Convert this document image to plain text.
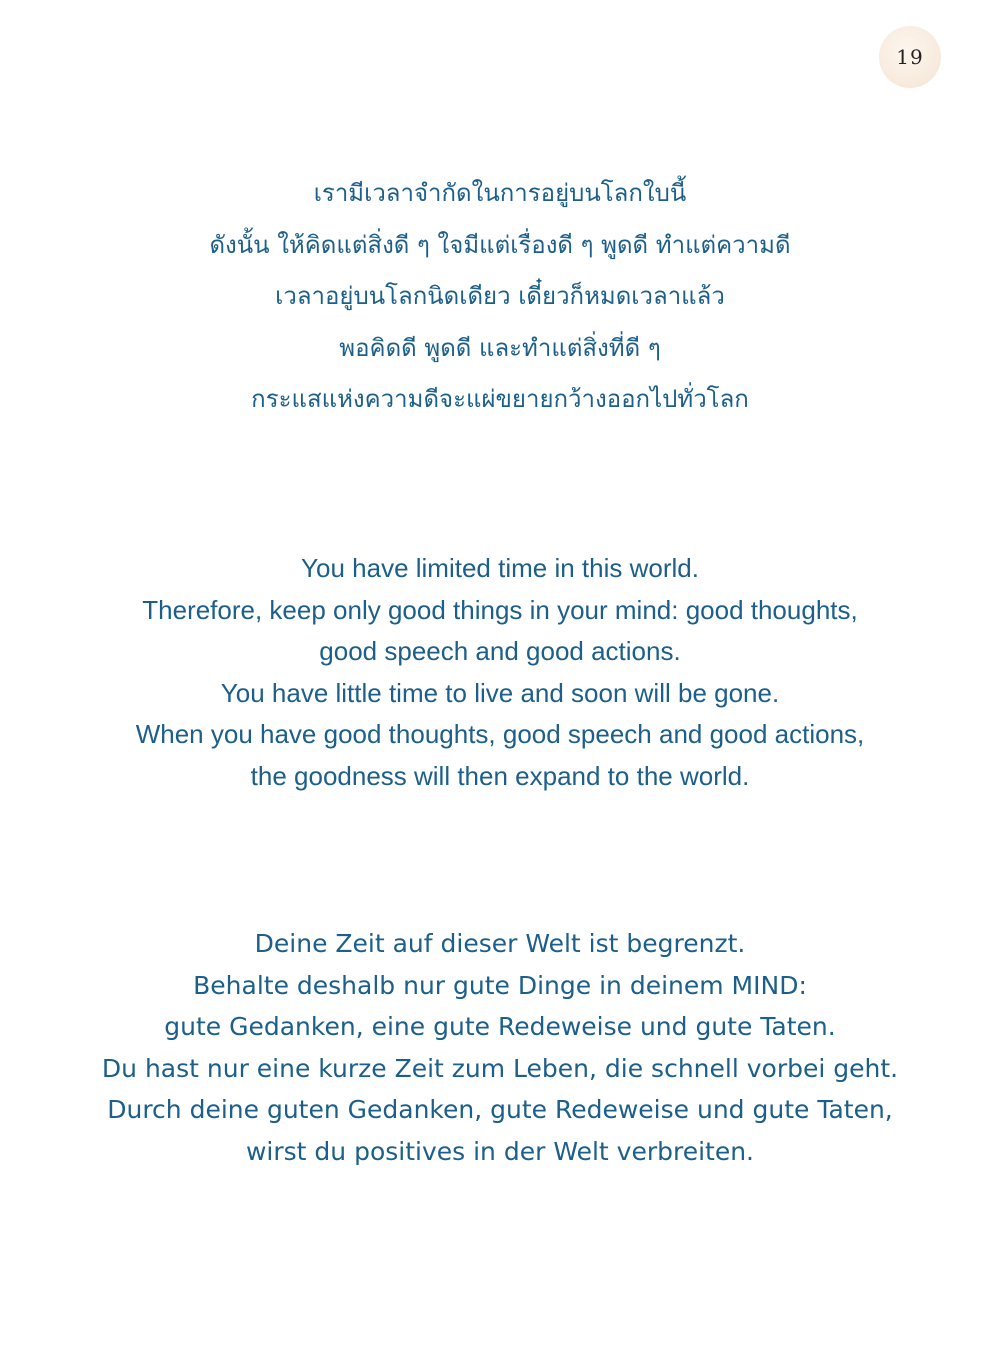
19
เรามีเวลาจำกัดในการอยู่บนโลกใบนี้
ดังนั้น ให้คิดแต่สิ่งดี ๆ ใจมีแต่เรื่องดี ๆ พูดดี ทำแต่ความดี
เวลาอยู่บนโลกนิดเดียว เดี๋ยวก็หมดเวลาแล้ว
พอคิดดี พูดดี และทำแต่สิ่งที่ดี ๆ
กระแสแห่งความดีจะแผ่ขยายกว้างออกไปทั่วโลก
You have limited time in this world.
Therefore, keep only good things in your mind: good thoughts,
good speech and good actions.
You have little time to live and soon will be gone.
When you have good thoughts, good speech and good actions,
the goodness will then expand to the world.
Deine Zeit auf dieser Welt ist begrenzt.
Behalte deshalb nur gute Dinge in deinem MIND:
gute Gedanken, eine gute Redeweise und gute Taten.
Du hast nur eine kurze Zeit zum Leben, die schnell vorbei geht.
Durch deine guten Gedanken, gute Redeweise und gute Taten,
wirst du positives in der Welt verbreiten.
